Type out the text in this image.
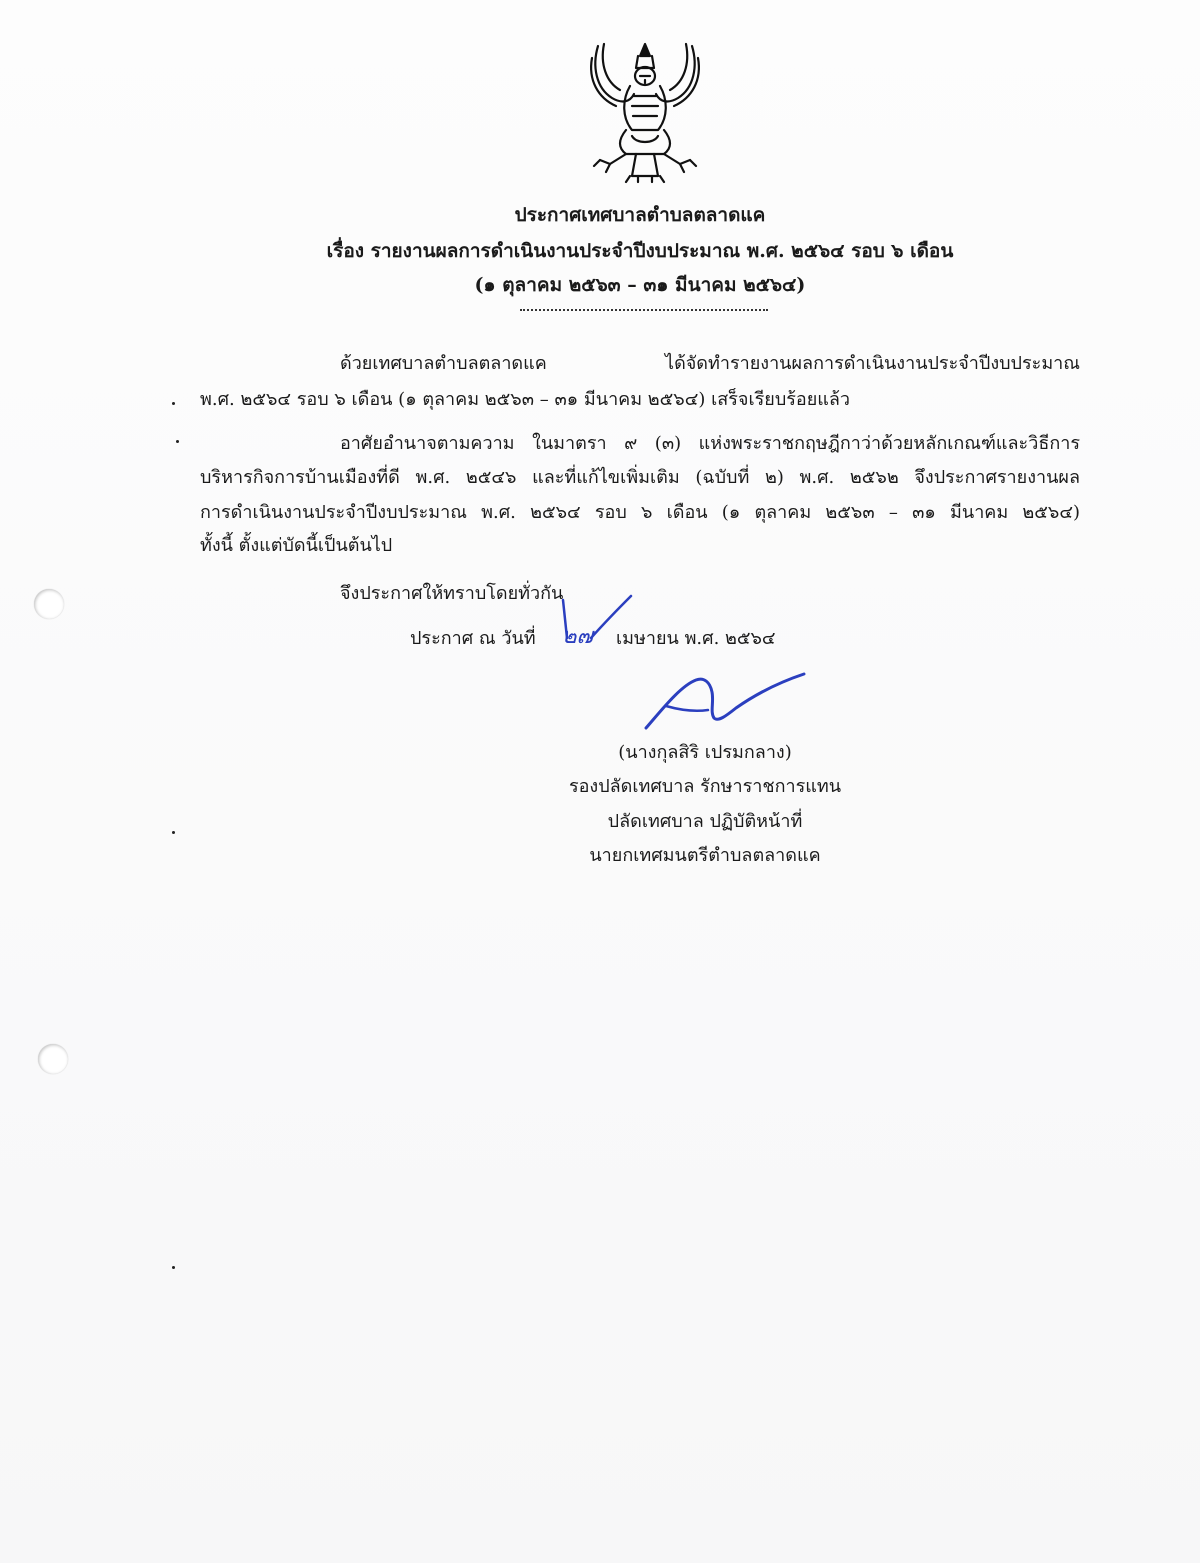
ประกาศเทศบาลตำบลตลาดแค
เรื่อง รายงานผลการดำเนินงานประจำปีงบประมาณ พ.ศ. ๒๕๖๔ รอบ ๖ เดือน
(๑ ตุลาคม ๒๕๖๓ – ๓๑ มีนาคม ๒๕๖๔)
ด้วยเทศบาลตำบลตลาดแค ได้จัดทำรายงานผลการดำเนินงานประจำปีงบประมาณ
พ.ศ. ๒๕๖๔ รอบ ๖ เดือน (๑ ตุลาคม ๒๕๖๓ – ๓๑ มีนาคม ๒๕๖๔) เสร็จเรียบร้อยแล้ว
อาศัยอำนาจตามความ ในมาตรา ๙ (๓) แห่งพระราชกฤษฎีกาว่าด้วยหลักเกณฑ์และวิธีการ
บริหารกิจการบ้านเมืองที่ดี พ.ศ. ๒๕๔๖ และที่แก้ไขเพิ่มเติม (ฉบับที่ ๒) พ.ศ. ๒๕๖๒ จึงประกาศรายงานผล
การดำเนินงานประจำปีงบประมาณ พ.ศ. ๒๕๖๔ รอบ ๖ เดือน (๑ ตุลาคม ๒๕๖๓ – ๓๑ มีนาคม ๒๕๖๔)
ทั้งนี้ ตั้งแต่บัดนี้เป็นต้นไป
จึงประกาศให้ทราบโดยทั่วกัน
ประกาศ ณ วันที่ ๒๗ เมษายน พ.ศ. ๒๕๖๔
(นางกุลสิริ เปรมกลาง)
รองปลัดเทศบาล รักษาราชการแทน
ปลัดเทศบาล ปฏิบัติหน้าที่
นายกเทศมนตรีตำบลตลาดแค
